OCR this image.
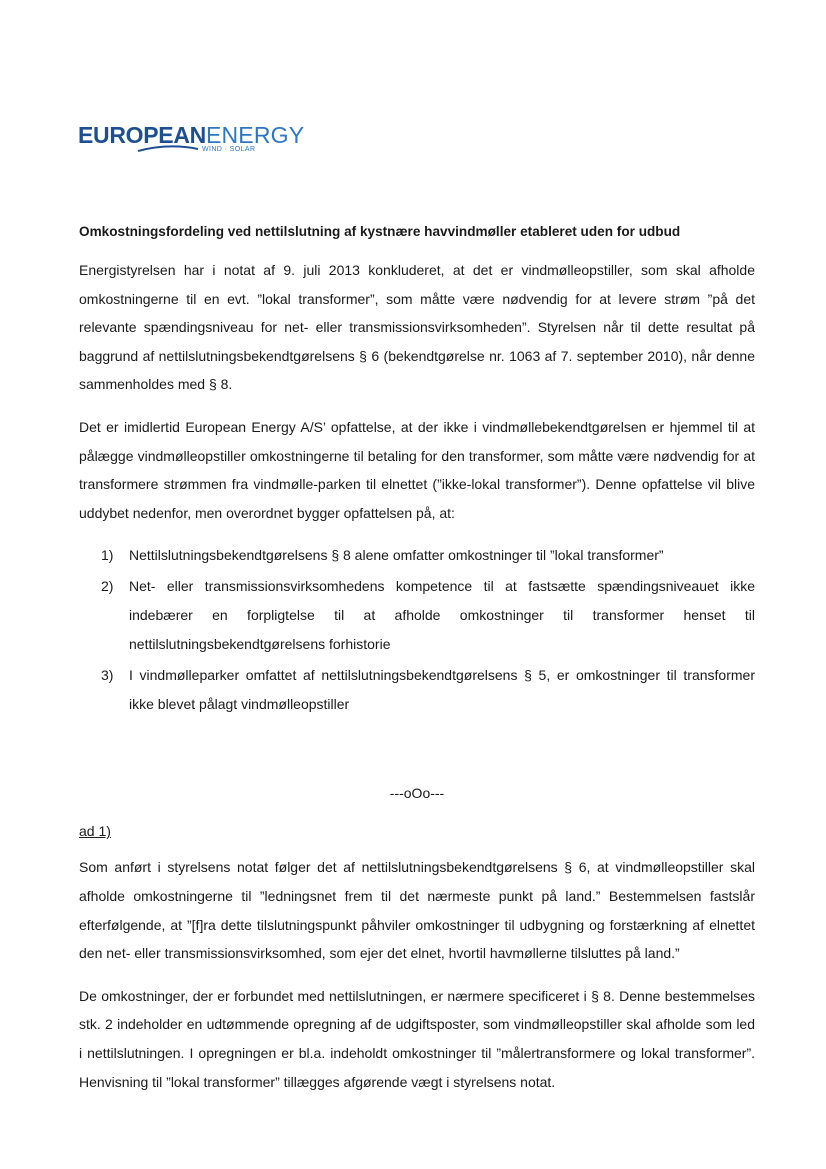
EUROPEANENERGY
WIND · SOLAR
Omkostningsfordeling ved nettilslutning af kystnære havvindmøller etableret uden for udbud

Energistyrelsen har i notat af 9. juli 2013 konkluderet, at det er vindmølleopstiller, som skal afholde omkostningerne til en evt. ”lokal transformer”, som måtte være nødvendig for at levere strøm ”på det relevante spændingsniveau for net- eller transmissionsvirksomheden”. Styrelsen når til dette resultat på baggrund af nettilslutningsbekendtgørelsens § 6 (bekendtgørelse nr. 1063 af 7. september 2010), når denne sammenholdes med § 8.

Det er imidlertid European Energy A/S’ opfattelse, at der ikke i vindmøllebekendtgørelsen er hjemmel til at pålægge vindmølleopstiller omkostningerne til betaling for den transformer, som måtte være nødvendig for at transformere strømmen fra vindmølle-parken til elnettet (”ikke-lokal transformer”). Denne opfattelse vil blive uddybet nedenfor, men overordnet bygger opfattelsen på, at:

1) Nettilslutningsbekendtgørelsens § 8 alene omfatter omkostninger til ”lokal transformer”
2) Net- eller transmissionsvirksomhedens kompetence til at fastsætte spændingsniveauet ikke indebærer en forpligtelse til at afholde omkostninger til transformer henset til nettilslutningsbekendtgørelsens forhistorie
3) I vindmølleparker omfattet af nettilslutningsbekendtgørelsens § 5, er omkostninger til transformer ikke blevet pålagt vindmølleopstiller
---oOo---
ad 1)

Som anført i styrelsens notat følger det af nettilslutningsbekendtgørelsens § 6, at vindmølleopstiller skal afholde omkostningerne til ”ledningsnet frem til det nærmeste punkt på land.” Bestemmelsen fastslår efterfølgende, at ”[f]ra dette tilslutningspunkt påhviler omkostninger til udbygning og forstærkning af elnettet den net- eller transmissionsvirksomhed, som ejer det elnet, hvortil havmøllerne tilsluttes på land.”

De omkostninger, der er forbundet med nettilslutningen, er nærmere specificeret i § 8. Denne bestemmelses stk. 2 indeholder en udtømmende opregning af de udgiftsposter, som vindmølleopstiller skal afholde som led i nettilslutningen. I opregningen er bl.a. indeholdt omkostninger til ”målertransformere og lokal transformer”. Henvisning til ”lokal transformer” tillægges afgørende vægt i styrelsens notat.
